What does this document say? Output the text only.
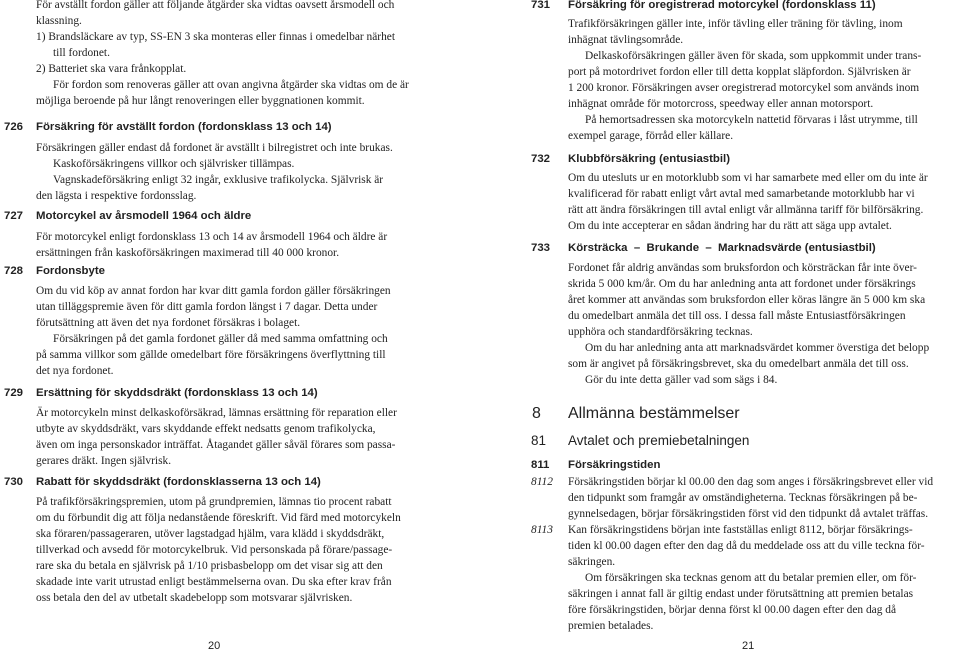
För avställt fordon gäller att följande åtgärder ska vidtas oavsett årsmodell och
klassning.
1) Brandsläckare av typ, SS-EN 3 ska monteras eller finnas i omedelbar närhet
till fordonet.
2) Batteriet ska vara frånkopplat.
För fordon som renoveras gäller att ovan angivna åtgärder ska vidtas om de är
möjliga beroende på hur långt renoveringen eller byggnationen kommit.
726 Försäkring för avställt fordon (fordonsklass 13 och 14)
Försäkringen gäller endast då fordonet är avställt i bilregistret och inte brukas.
Kaskoförsäkringens villkor och självrisker tillämpas.
Vagnskadeförsäkring enligt 32 ingår, exklusive trafikolycka. Självrisk är
den lägsta i respektive fordonsslag.
727 Motorcykel av årsmodell 1964 och äldre
För motorcykel enligt fordonsklass 13 och 14 av årsmodell 1964 och äldre är
ersättningen från kaskoförsäkringen maximerad till 40 000 kronor.
728 Fordonsbyte
Om du vid köp av annat fordon har kvar ditt gamla fordon gäller försäkringen
utan tilläggspremie även för ditt gamla fordon längst i 7 dagar. Detta under
förutsättning att även det nya fordonet försäkras i bolaget.
Försäkringen på det gamla fordonet gäller då med samma omfattning och
på samma villkor som gällde omedelbart före försäkringens överflyttning till
det nya fordonet.
729 Ersättning för skyddsdräkt (fordonsklass 13 och 14)
Är motorcykeln minst delkaskoförsäkrad, lämnas ersättning för reparation eller
utbyte av skyddsdräkt, vars skyddande effekt nedsatts genom trafikolycka,
även om inga personskador inträffat. Åtagandet gäller såväl förares som passa-
gerares dräkt. Ingen självrisk.
730 Rabatt för skyddsdräkt (fordonsklasserna 13 och 14)
På trafikförsäkringspremien, utom på grundpremien, lämnas tio procent rabatt
om du förbundit dig att följa nedanstående föreskrift. Vid färd med motorcykeln
ska föraren/passageraren, utöver lagstadgad hjälm, vara klädd i skyddsdräkt,
tillverkad och avsedd för motorcykelbruk. Vid personskada på förare/passage-
rare ska du betala en självrisk på 1/10 prisbasbelopp om det visar sig att den
skadade inte varit utrustad enligt bestämmelserna ovan. Du ska efter krav från
oss betala den del av utbetalt skadebelopp som motsvarar självrisken.
20
731 Försäkring för oregistrerad motorcykel (fordonsklass 11)
Trafikförsäkringen gäller inte, inför tävling eller träning för tävling, inom
inhägnat tävlingsområde.
Delkaskoförsäkringen gäller även för skada, som uppkommit under trans-
port på motordrivet fordon eller till detta kopplat släpfordon. Självrisken är
1 200 kronor. Försäkringen avser oregistrerad motorcykel som används inom
inhägnat område för motorcross, speedway eller annan motorsport.
På hemortsadressen ska motorcykeln nattetid förvaras i låst utrymme, till
exempel garage, förråd eller källare.
732 Klubbförsäkring (entusiastbil)
Om du utesluts ur en motorklubb som vi har samarbete med eller om du inte är
kvalificerad för rabatt enligt vårt avtal med samarbetande motorklubb har vi
rätt att ändra försäkringen till avtal enligt vår allmänna tariff för bilförsäkring.
Om du inte accepterar en sådan ändring har du rätt att säga upp avtalet.
733 Körsträcka  –  Brukande  –  Marknadsvärde (entusiastbil)
Fordonet får aldrig användas som bruksfordon och körsträckan får inte över-
skrida 5 000 km/år. Om du har anledning anta att fordonet under försäkrings
året kommer att användas som bruksfordon eller köras längre än 5 000 km ska
du omedelbart anmäla det till oss. I dessa fall måste Entusiastförsäkringen
upphöra och standardförsäkring tecknas.
Om du har anledning anta att marknadsvärdet kommer överstiga det belopp
som är angivet på försäkringsbrevet, ska du omedelbart anmäla det till oss.
Gör du inte detta gäller vad som sägs i 84.
8 Allmänna bestämmelser
81 Avtalet och premiebetalningen
811 Försäkringstiden
8112 Försäkringstiden börjar kl 00.00 den dag som anges i försäkringsbrevet eller vid
den tidpunkt som framgår av omständigheterna. Tecknas försäkringen på be-
gynnelsedagen, börjar försäkringstiden först vid den tidpunkt då avtalet träffas.
8113 Kan försäkringstidens början inte fastställas enligt 8112, börjar försäkrings-
tiden kl 00.00 dagen efter den dag då du meddelade oss att du ville teckna för-
säkringen.
Om försäkringen ska tecknas genom att du betalar premien eller, om för-
säkringen i annat fall är giltig endast under förutsättning att premien betalas
före försäkringstiden, börjar denna först kl 00.00 dagen efter den dag då
premien betalades.
21
